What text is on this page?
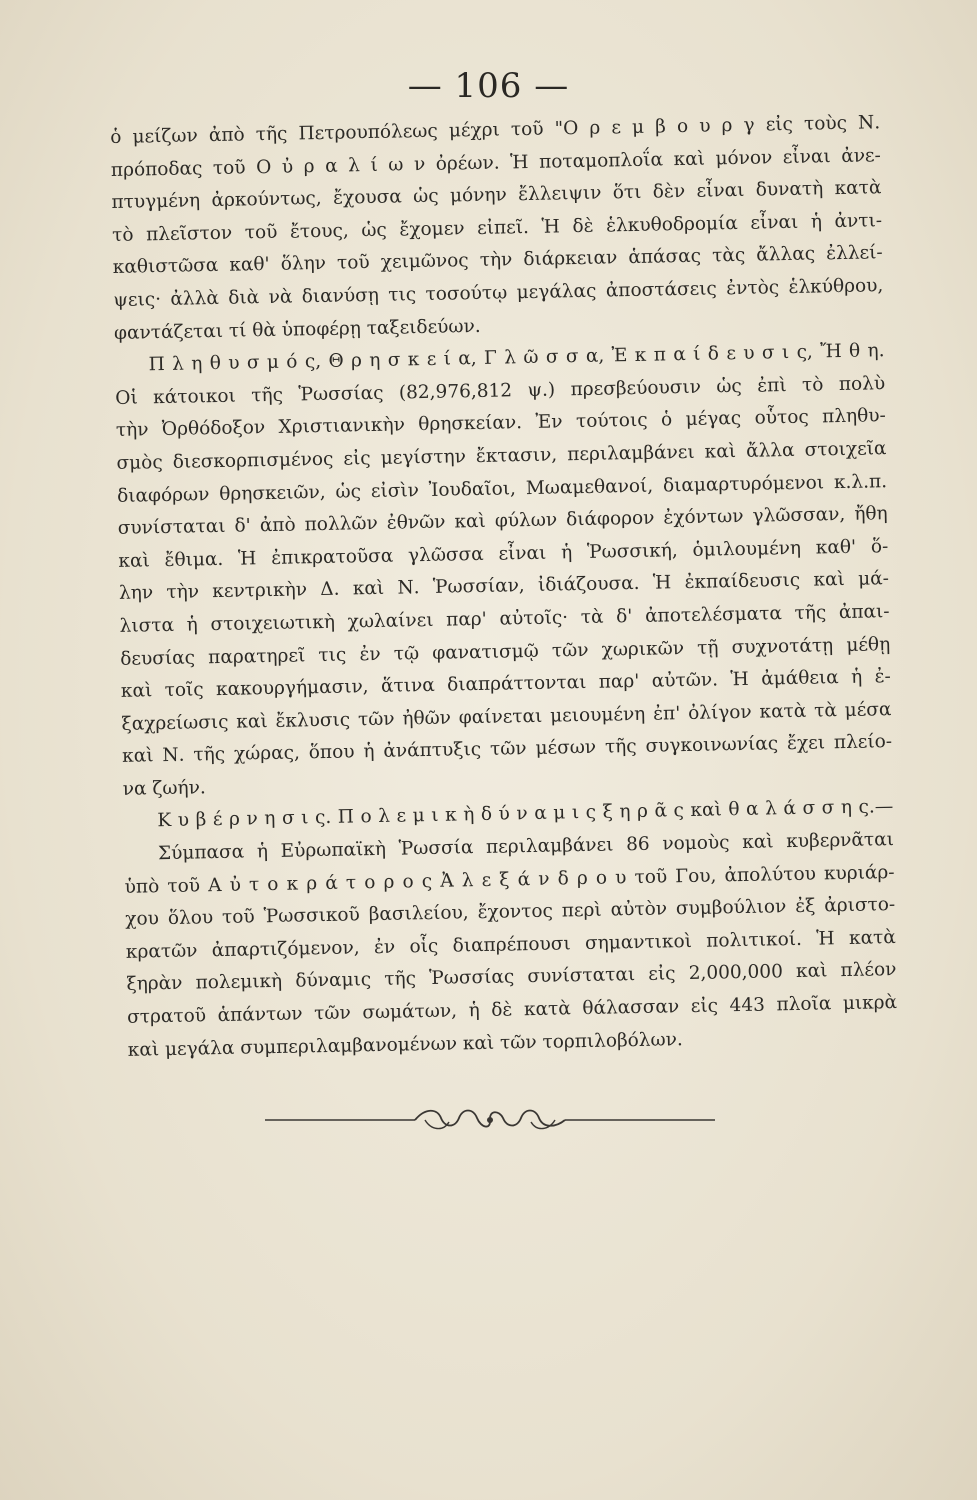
— 106 —
ὁ μείζων ἀπὸ τῆς Πετρουπόλεως μέχρι τοῦ "Ο ρ ε μ β ο υ ρ γ εἰς τοὺς Ν.
πρόποδας τοῦ Ο ὐ ρ α λ ί ω ν ὀρέων. Ἡ ποταμοπλοΐα καὶ μόνον εἶναι ἀνε-
πτυγμένη ἀρκούντως, ἔχουσα ὡς μόνην ἔλλειψιν ὅτι δὲν εἶναι δυνατὴ κατὰ
τὸ πλεῖστον τοῦ ἔτους, ὡς ἔχομεν εἰπεῖ. Ἡ δὲ ἑλκυθοδρομία εἶναι ἡ ἀντι-
καθιστῶσα καθ' ὅλην τοῦ χειμῶνος τὴν διάρκειαν ἁπάσας τὰς ἄλλας ἐλλεί-
ψεις· ἀλλὰ διὰ νὰ διανύσῃ τις τοσούτῳ μεγάλας ἀποστάσεις ἐντὸς ἑλκύθρου,
φαντάζεται τί θὰ ὑποφέρῃ ταξειδεύων.
Π λ η θ υ σ μ ό ς, Θ ρ η σ κ ε ί α, Γ λ ῶ σ σ α, Ἐ κ π α ί δ ε υ σ ι ς, Ἤ θ η.
Οἱ κάτοικοι τῆς Ῥωσσίας (82,976,812 ψ.) πρεσβεύουσιν ὡς ἐπὶ τὸ πολὺ
τὴν Ὀρθόδοξον Χριστιανικὴν θρησκείαν. Ἐν τούτοις ὁ μέγας οὗτος πληθυ-
σμὸς διεσκορπισμένος εἰς μεγίστην ἔκτασιν, περιλαμβάνει καὶ ἄλλα στοιχεῖα
διαφόρων θρησκειῶν, ὡς εἰσὶν Ἰουδαῖοι, Μωαμεθανοί, διαμαρτυρόμενοι κ.λ.π.
συνίσταται δ' ἀπὸ πολλῶν ἐθνῶν καὶ φύλων διάφορον ἐχόντων γλῶσσαν, ἤθη
καὶ ἔθιμα. Ἡ ἐπικρατοῦσα γλῶσσα εἶναι ἡ Ῥωσσική, ὁμιλουμένη καθ' ὅ-
λην τὴν κεντρικὴν Δ. καὶ Ν. Ῥωσσίαν, ἰδιάζουσα. Ἡ ἐκπαίδευσις καὶ μά-
λιστα ἡ στοιχειωτικὴ χωλαίνει παρ' αὐτοῖς· τὰ δ' ἀποτελέσματα τῆς ἀπαι-
δευσίας παρατηρεῖ τις ἐν τῷ φανατισμῷ τῶν χωρικῶν τῇ συχνοτάτῃ μέθῃ
καὶ τοῖς κακουργήμασιν, ἅτινα διαπράττονται παρ' αὐτῶν. Ἡ ἀμάθεια ἡ ἐ-
ξαχρείωσις καὶ ἔκλυσις τῶν ἠθῶν φαίνεται μειουμένη ἐπ' ὀλίγον κατὰ τὰ μέσα
καὶ Ν. τῆς χώρας, ὅπου ἡ ἀνάπτυξις τῶν μέσων τῆς συγκοινωνίας ἔχει πλείο-
να ζωήν.
Κ υ β έ ρ ν η σ ι ς. Π ο λ ε μ ι κ ὴ δ ύ ν α μ ι ς ξ η ρ ᾶ ς καὶ θ α λ ά σ σ η ς.—
Σύμπασα ἡ Εὐρωπαϊκὴ Ῥωσσία περιλαμβάνει 86 νομοὺς καὶ κυβερνᾶται
ὑπὸ τοῦ Α ὐ τ ο κ ρ ά τ ο ρ ο ς Ἀ λ ε ξ ά ν δ ρ ο υ τοῦ Γου, ἀπολύτου κυριάρ-
χου ὅλου τοῦ Ῥωσσικοῦ βασιλείου, ἔχοντος περὶ αὐτὸν συμβούλιον ἐξ ἀριστο-
κρατῶν ἀπαρτιζόμενον, ἐν οἷς διαπρέπουσι σημαντικοὶ πολιτικοί. Ἡ κατὰ
ξηρὰν πολεμικὴ δύναμις τῆς Ῥωσσίας συνίσταται εἰς 2,000,000 καὶ πλέον
στρατοῦ ἁπάντων τῶν σωμάτων, ἡ δὲ κατὰ θάλασσαν εἰς 443 πλοῖα μικρὰ
καὶ μεγάλα συμπεριλαμβανομένων καὶ τῶν τορπιλοβόλων.
